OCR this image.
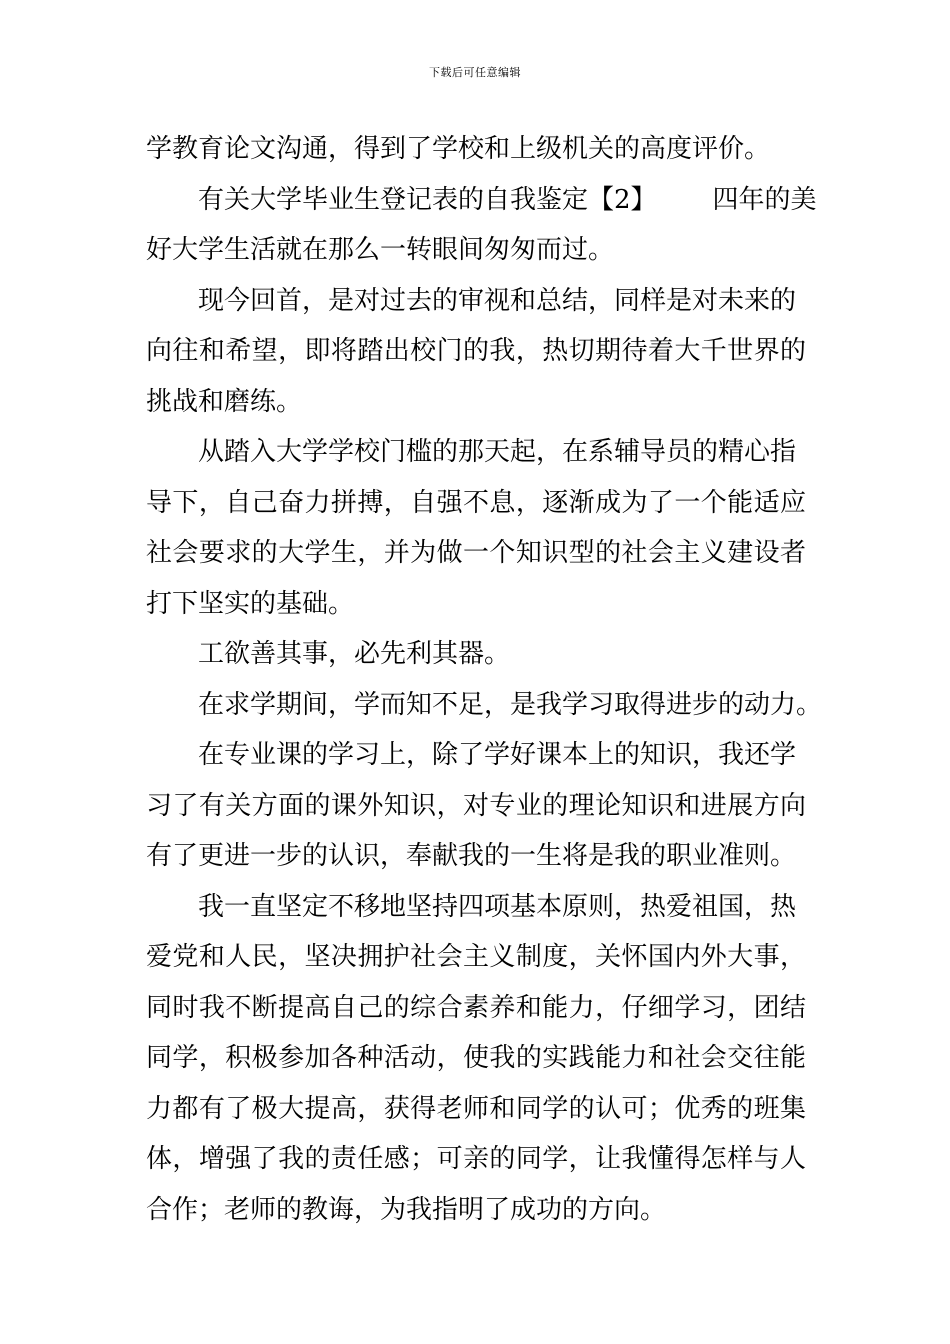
下载后可任意编辑
学教育论文沟通，得到了学校和上级机关的高度评价。
有关大学毕业生登记表的自我鉴定【2】 四年的美
好大学生活就在那么一转眼间匆匆而过。
现今回首，是对过去的审视和总结，同样是对未来的
向往和希望，即将踏出校门的我，热切期待着大千世界的
挑战和磨练。
从踏入大学学校门槛的那天起，在系辅导员的精心指
导下，自己奋力拼搏，自强不息，逐渐成为了一个能适应
社会要求的大学生，并为做一个知识型的社会主义建设者
打下坚实的基础。
工欲善其事，必先利其器。
在求学期间，学而知不足，是我学习取得进步的动力。
在专业课的学习上，除了学好课本上的知识，我还学
习了有关方面的课外知识，对专业的理论知识和进展方向
有了更进一步的认识，奉献我的一生将是我的职业准则。
我一直坚定不移地坚持四项基本原则，热爱祖国，热
爱党和人民，坚决拥护社会主义制度，关怀国内外大事，
同时我不断提高自己的综合素养和能力，仔细学习，团结
同学，积极参加各种活动，使我的实践能力和社会交往能
力都有了极大提高，获得老师和同学的认可；优秀的班集
体，增强了我的责任感；可亲的同学，让我懂得怎样与人
合作；老师的教诲，为我指明了成功的方向。
